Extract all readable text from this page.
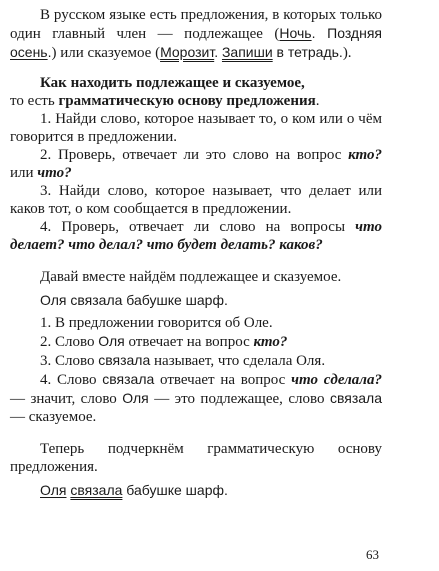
В русском языке есть предложения, в которых только один главный член — подлежащее (Ночь. Поздняя осень.) или сказуемое (Морозит. Запиши в тетрадь.).

Как находить подлежащее и сказуемое,

то есть грамматическую основу предложения.

1. Найди слово, которое называет то, о ком или о чём говорится в предложении.

2. Проверь, отвечает ли это слово на вопрос кто? или что?

3. Найди слово, которое называет, что делает или каков тот, о ком сообщается в предложении.

4. Проверь, отвечает ли слово на вопросы что делает? что делал? что будет делать? каков?

Давай вместе найдём подлежащее и сказуемое.

Оля связала бабушке шарф.

1. В предложении говорится об Оле.

2. Слово Оля отвечает на вопрос кто?

3. Слово связала называет, что сделала Оля.

4. Слово связала отвечает на вопрос что сделала? — значит, слово Оля — это подлежащее, слово связала — сказуемое.

Теперь подчеркнём грамматическую основу предложения.

Оля связала бабушке шарф.

63
